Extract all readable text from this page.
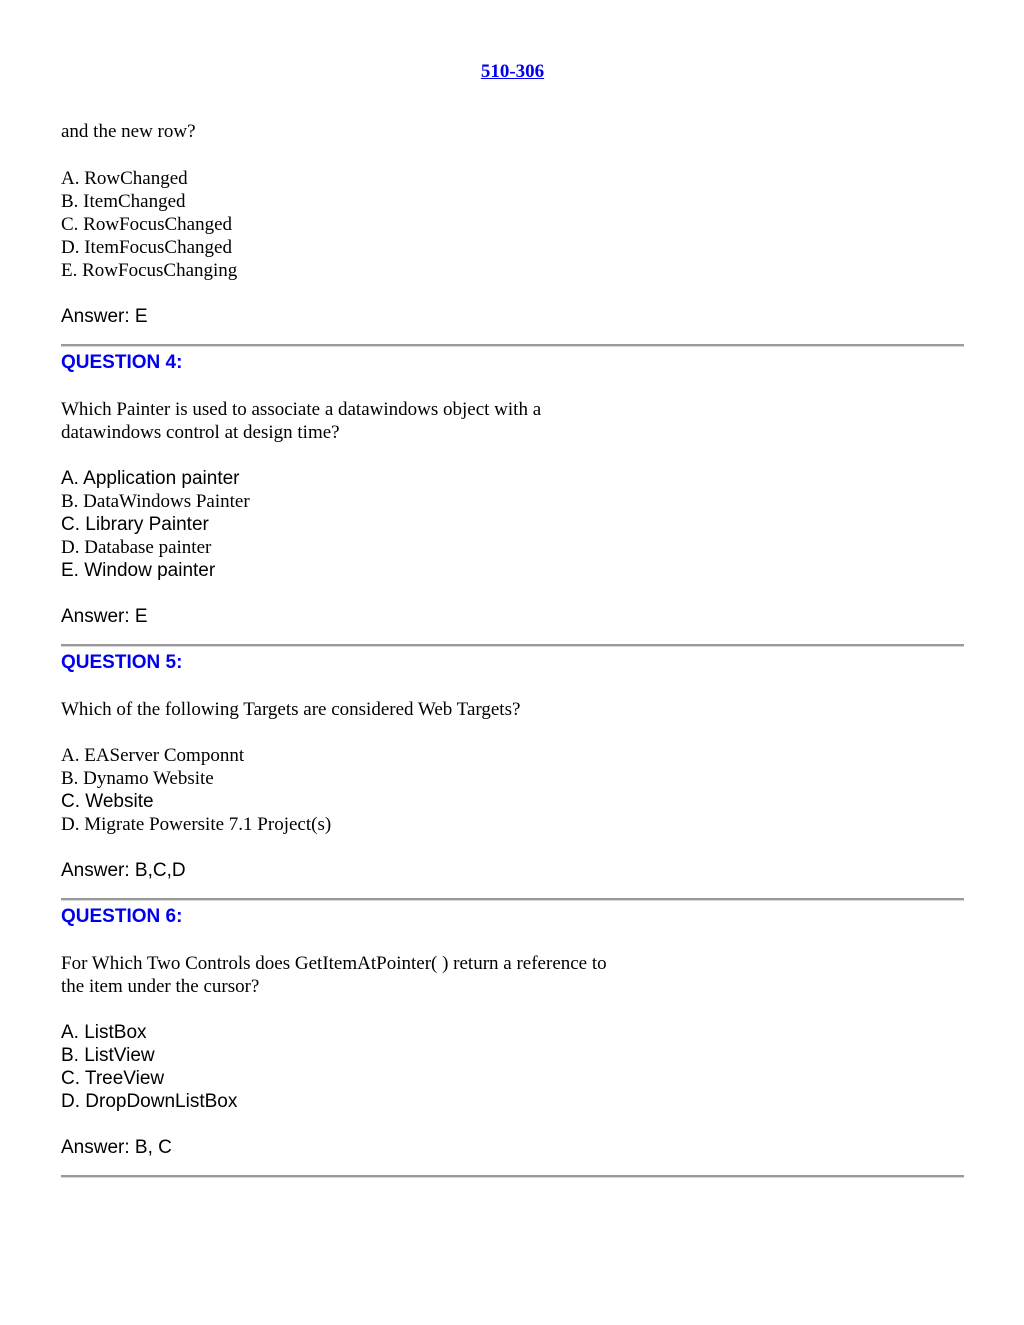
510-306
and the new row?
A. RowChanged
B. ItemChanged
C. RowFocusChanged
D. ItemFocusChanged
E. RowFocusChanging
Answer: E
QUESTION 4:
Which Painter is used to associate a datawindows object with a
datawindows control at design time?
A. Application painter
B. DataWindows Painter
C. Library Painter
D. Database painter
E. Window painter
Answer: E
QUESTION 5:
Which of the following Targets are considered Web Targets?
A. EAServer Componnt
B. Dynamo Website
C. Website
D. Migrate Powersite 7.1 Project(s)
Answer: B,C,D
QUESTION 6:
For Which Two Controls does GetItemAtPointer( ) return a reference to
the item under the cursor?
A. ListBox
B. ListView
C. TreeView
D. DropDownListBox
Answer: B, C
